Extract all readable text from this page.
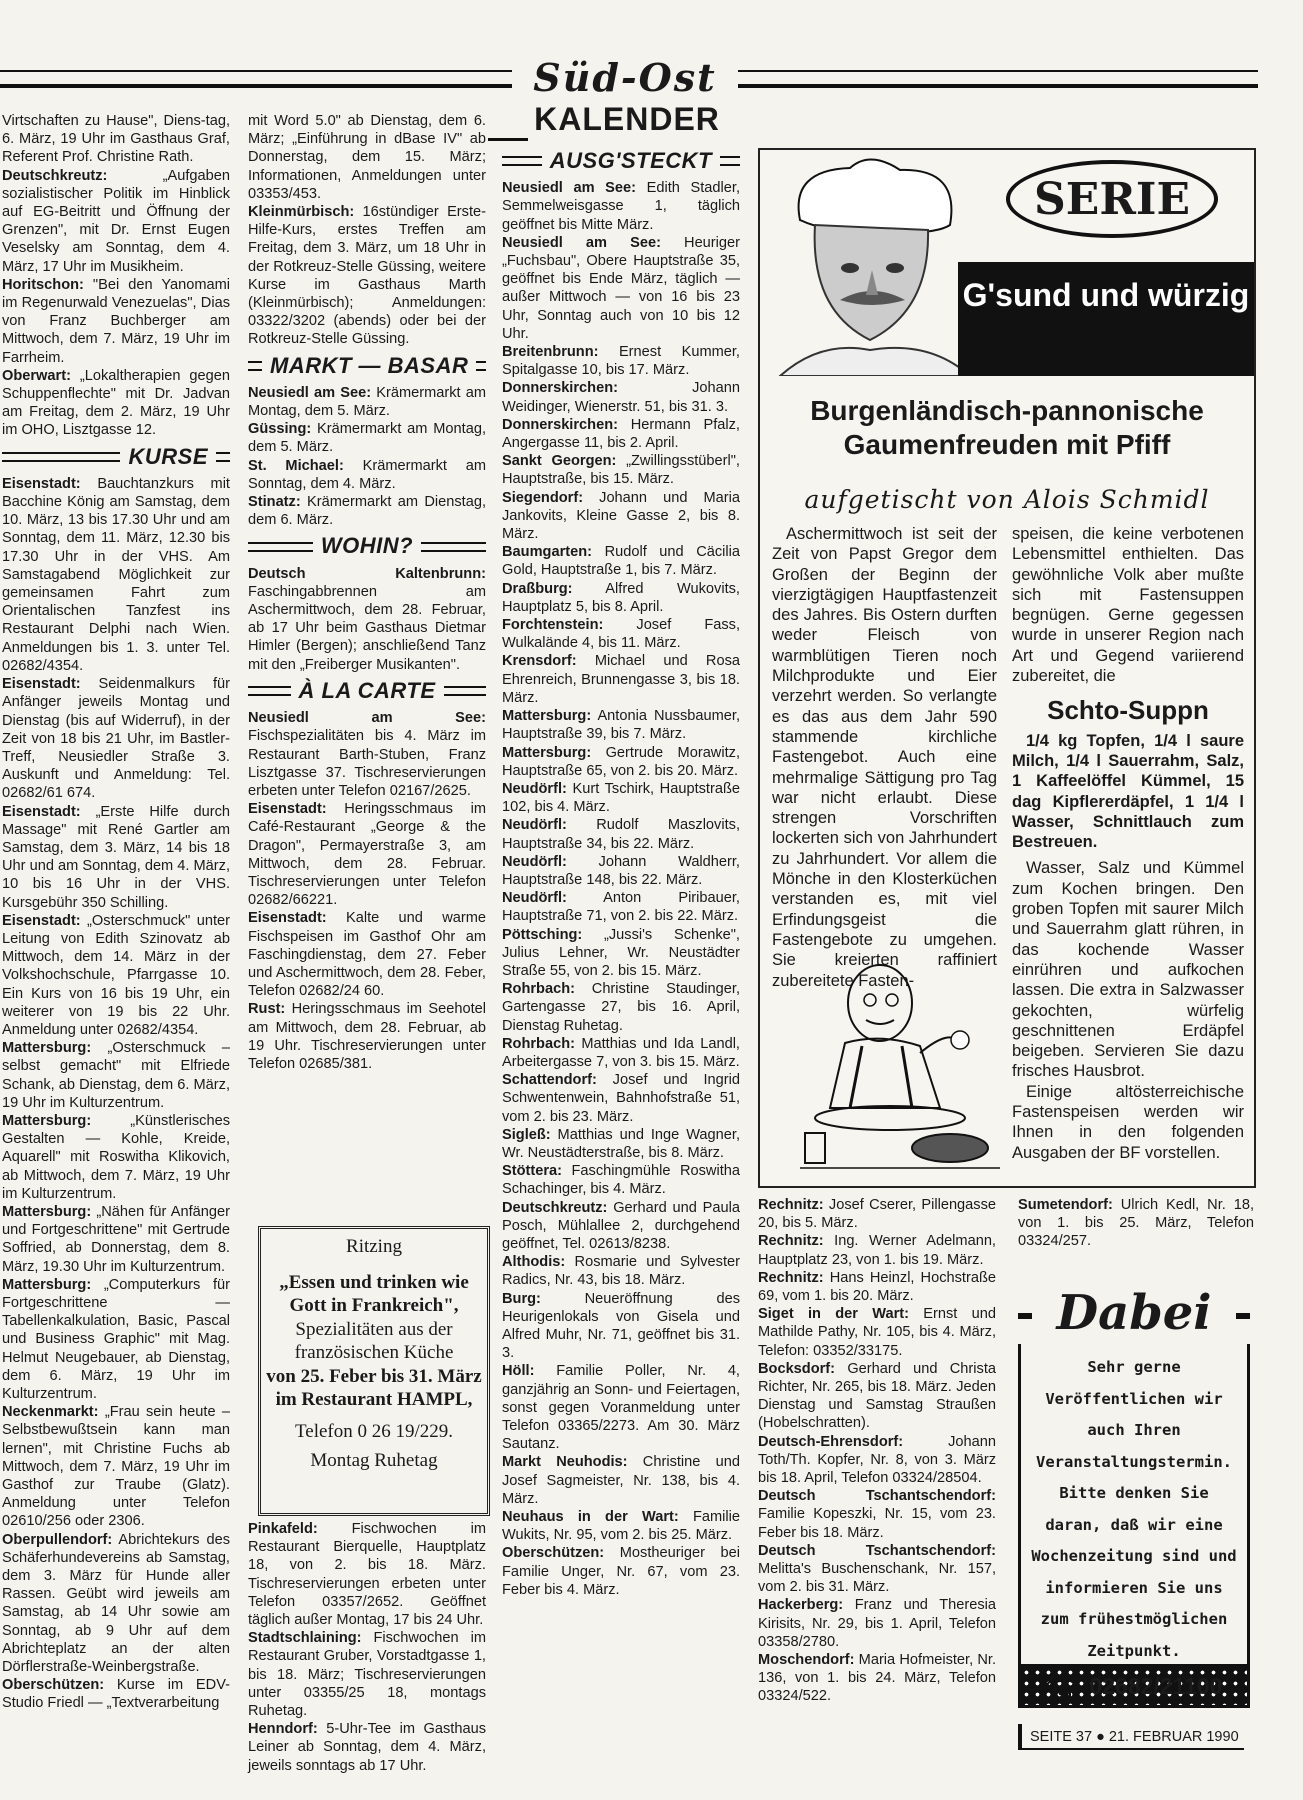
Süd-Ost
KALENDER

Virtschaften zu Hause", Diens-tag, 6. März, 19 Uhr im Gasthaus Graf, Referent Prof. Christine Rath.

Deutschkreutz: „Aufgaben sozialistischer Politik im Hinblick auf EG-Beitritt und Öffnung der Grenzen", mit Dr. Ernst Eugen Veselsky am Sonntag, dem 4. März, 17 Uhr im Musikheim.

Horitschon: "Bei den Yanomami im Regenurwald Venezuelas", Dias von Franz Buchberger am Mittwoch, dem 7. März, 19 Uhr im Farrheim.

Oberwart: „Lokaltherapien gegen Schuppenflechte" mit Dr. Jadvan am Freitag, dem 2. März, 19 Uhr im OHO, Lisztgasse 12.

KURSE

Eisenstadt: Bauchtanzkurs mit Bacchine König am Samstag, dem 10. März, 13 bis 17.30 Uhr und am Sonntag, dem 11. März, 12.30 bis 17.30 Uhr in der VHS. Am Samstagabend Möglichkeit zur gemeinsamen Fahrt zum Orientalischen Tanzfest ins Restaurant Delphi nach Wien. Anmeldungen bis 1. 3. unter Tel. 02682/4354.

Eisenstadt: Seidenmalkurs für Anfänger jeweils Montag und Dienstag (bis auf Widerruf), in der Zeit von 18 bis 21 Uhr, im Bastler-Treff, Neusiedler Straße 3. Auskunft und Anmeldung: Tel. 02682/61 674.

Eisenstadt: „Erste Hilfe durch Massage" mit René Gartler am Samstag, dem 3. März, 14 bis 18 Uhr und am Sonntag, dem 4. März, 10 bis 16 Uhr in der VHS. Kursgebühr 350 Schilling.

Eisenstadt: „Osterschmuck" unter Leitung von Edith Szinovatz ab Mittwoch, dem 14. März in der Volkshochschule, Pfarrgasse 10. Ein Kurs von 16 bis 19 Uhr, ein weiterer von 19 bis 22 Uhr. Anmeldung unter 02682/4354.

Mattersburg: „Osterschmuck – selbst gemacht" mit Elfriede Schank, ab Dienstag, dem 6. März, 19 Uhr im Kulturzentrum.

Mattersburg: „Künstlerisches Gestalten — Kohle, Kreide, Aquarell" mit Roswitha Klikovich, ab Mittwoch, dem 7. März, 19 Uhr im Kulturzentrum.

Mattersburg: „Nähen für Anfänger und Fortgeschrittene" mit Gertrude Soffried, ab Donnerstag, dem 8. März, 19.30 Uhr im Kulturzentrum.

Mattersburg: „Computerkurs für Fortgeschrittene — Tabellenkalkulation, Basic, Pascal und Business Graphic" mit Mag. Helmut Neugebauer, ab Dienstag, dem 6. März, 19 Uhr im Kulturzentrum.

Neckenmarkt: „Frau sein heute – Selbstbewußtsein kann man lernen", mit Christine Fuchs ab Mittwoch, dem 7. März, 19 Uhr im Gasthof zur Traube (Glatz). Anmeldung unter Telefon 02610/256 oder 2306.

Oberpullendorf: Abrichtekurs des Schäferhundevereins ab Samstag, dem 3. März für Hunde aller Rassen. Geübt wird jeweils am Samstag, ab 14 Uhr sowie am Sonntag, ab 9 Uhr auf dem Abrichteplatz an der alten Dörflerstraße-Weinbergstraße.

Oberschützen: Kurse im EDV-Studio Friedl — „Textverarbeitung

mit Word 5.0" ab Dienstag, dem 6. März; „Einführung in dBase IV" ab Donnerstag, dem 15. März; Informationen, Anmeldungen unter 03353/453.

Kleinmürbisch: 16stündiger Erste-Hilfe-Kurs, erstes Treffen am Freitag, dem 3. März, um 18 Uhr in der Rotkreuz-Stelle Güssing, weitere Kurse im Gasthaus Marth (Kleinmürbisch); Anmeldungen: 03322/3202 (abends) oder bei der Rotkreuz-Stelle Güssing.

MARKT — BASAR

Neusiedl am See: Krämermarkt am Montag, dem 5. März.

Güssing: Krämermarkt am Montag, dem 5. März.

St. Michael: Krämermarkt am Sonntag, dem 4. März.

Stinatz: Krämermarkt am Dienstag, dem 6. März.

WOHIN?

Deutsch Kaltenbrunn: Faschingabbrennen am Aschermittwoch, dem 28. Februar, ab 17 Uhr beim Gasthaus Dietmar Himler (Bergen); anschließend Tanz mit den „Freiberger Musikanten".

À LA CARTE

Neusiedl am See: Fischspezialitäten bis 4. März im Restaurant Barth-Stuben, Franz Lisztgasse 37. Tischreservierungen erbeten unter Telefon 02167/2625.

Eisenstadt: Heringsschmaus im Café-Restaurant „George & the Dragon", Permayerstraße 3, am Mittwoch, dem 28. Februar. Tischreservierungen unter Telefon 02682/66221.

Eisenstadt: Kalte und warme Fischspeisen im Gasthof Ohr am Faschingdienstag, dem 27. Feber und Aschermittwoch, dem 28. Feber, Telefon 02682/24 60.

Rust: Heringsschmaus im Seehotel am Mittwoch, dem 28. Februar, ab 19 Uhr. Tischreservierungen unter Telefon 02685/381.

Ritzing

„Essen und trinken wie Gott in Frankreich",

Spezialitäten aus der französischen Küche

von 25. Feber bis 31. März im Restaurant HAMPL,

Telefon 0 26 19/229.

Montag Ruhetag

Pinkafeld: Fischwochen im Restaurant Bierquelle, Hauptplatz 18, von 2. bis 18. März. Tischreservierungen erbeten unter Telefon 03357/2652. Geöffnet täglich außer Montag, 17 bis 24 Uhr.

Stadtschlaining: Fischwochen im Restaurant Gruber, Vorstadtgasse 1, bis 18. März; Tischreservierungen unter 03355/25 18, montags Ruhetag.

Henndorf: 5-Uhr-Tee im Gasthaus Leiner ab Sonntag, dem 4. März, jeweils sonntags ab 17 Uhr.

AUSG'STECKT

Neusiedl am See: Edith Stadler, Semmelweisgasse 1, täglich geöffnet bis Mitte März.

Neusiedl am See: Heuriger „Fuchsbau", Obere Hauptstraße 35, geöffnet bis Ende März, täglich — außer Mittwoch — von 16 bis 23 Uhr, Sonntag auch von 10 bis 12 Uhr.

Breitenbrunn: Ernest Kummer, Spitalgasse 10, bis 17. März.

Donnerskirchen: Johann Weidinger, Wienerstr. 51, bis 31. 3.

Donnerskirchen: Hermann Pfalz, Angergasse 11, bis 2. April.

Sankt Georgen: „Zwillingsstüberl", Hauptstraße, bis 15. März.

Siegendorf: Johann und Maria Jankovits, Kleine Gasse 2, bis 8. März.

Baumgarten: Rudolf und Cäcilia Gold, Hauptstraße 1, bis 7. März.

Draßburg: Alfred Wukovits, Hauptplatz 5, bis 8. April.

Forchtenstein: Josef Fass, Wulkalände 4, bis 11. März.

Krensdorf: Michael und Rosa Ehrenreich, Brunnengasse 3, bis 18. März.

Mattersburg: Antonia Nussbaumer, Hauptstraße 39, bis 7. März.

Mattersburg: Gertrude Morawitz, Hauptstraße 65, von 2. bis 20. März.

Neudörfl: Kurt Tschirk, Hauptstraße 102, bis 4. März.

Neudörfl: Rudolf Maszlovits, Hauptstraße 34, bis 22. März.

Neudörfl: Johann Waldherr, Hauptstraße 148, bis 22. März.

Neudörfl: Anton Piribauer, Hauptstraße 71, von 2. bis 22. März.

Pöttsching: „Jussi's Schenke", Julius Lehner, Wr. Neustädter Straße 55, von 2. bis 15. März.

Rohrbach: Christine Staudinger, Gartengasse 27, bis 16. April, Dienstag Ruhetag.

Rohrbach: Matthias und Ida Landl, Arbeitergasse 7, von 3. bis 15. März.

Schattendorf: Josef und Ingrid Schwentenwein, Bahnhofstraße 51, vom 2. bis 23. März.

Sigleß: Matthias und Inge Wagner, Wr. Neustädterstraße, bis 8. März.

Stöttera: Faschingmühle Roswitha Schachinger, bis 4. März.

Deutschkreutz: Gerhard und Paula Posch, Mühlallee 2, durchgehend geöffnet, Tel. 02613/8238.

Althodis: Rosmarie und Sylvester Radics, Nr. 43, bis 18. März.

Burg: Neueröffnung des Heurigenlokals von Gisela und Alfred Muhr, Nr. 71, geöffnet bis 31. 3.

Höll: Familie Poller, Nr. 4, ganzjährig an Sonn- und Feiertagen, sonst gegen Voranmeldung unter Telefon 03365/2273. Am 30. März Sautanz.

Markt Neuhodis: Christine und Josef Sagmeister, Nr. 138, bis 4. März.

Neuhaus in der Wart: Familie Wukits, Nr. 95, vom 2. bis 25. März.

Oberschützen: Mostheuriger bei Familie Unger, Nr. 67, vom 23. Feber bis 4. März.

SERIE
G'sund und würzig
Burgenländisch-pannonische Gaumenfreuden mit Pfiff
aufgetischt von Alois Schmidl

Aschermittwoch ist seit der Zeit von Papst Gregor dem Großen der Beginn der vierzigtägigen Hauptfastenzeit des Jahres. Bis Ostern durften weder Fleisch von warmblütigen Tieren noch Milchprodukte und Eier verzehrt werden. So verlangte es das aus dem Jahr 590 stammende kirchliche Fastengebot. Auch eine mehrmalige Sättigung pro Tag war nicht erlaubt. Diese strengen Vorschriften lockerten sich von Jahrhundert zu Jahrhundert. Vor allem die Mönche in den Klosterküchen verstanden es, mit viel Erfindungsgeist die Fastengebote zu umgehen. Sie kreierten raffiniert zubereitete Fasten-

speisen, die keine verbotenen Lebensmittel enthielten. Das gewöhnliche Volk aber mußte sich mit Fastensuppen begnügen. Gerne gegessen wurde in unserer Region nach Art und Gegend variierend zubereitet, die

Schto-Suppn

1/4 kg Topfen, 1/4 l saure Milch, 1/4 l Sauerrahm, Salz, 1 Kaffeelöffel Kümmel, 15 dag Kipflererdäpfel, 1 1/4 l Wasser, Schnittlauch zum Bestreuen.

Wasser, Salz und Kümmel zum Kochen bringen. Den groben Topfen mit saurer Milch und Sauerrahm glatt rühren, in das kochende Wasser einrühren und aufkochen lassen. Die extra in Salzwasser gekochten, würfelig geschnittenen Erdäpfel beigeben. Servieren Sie dazu frisches Hausbrot.

Einige altösterreichische Fastenspeisen werden wir Ihnen in den folgenden Ausgaben der BF vorstellen.

Rechnitz: Josef Cserer, Pillengasse 20, bis 5. März.

Rechnitz: Ing. Werner Adelmann, Hauptplatz 23, von 1. bis 19. März.

Rechnitz: Hans Heinzl, Hochstraße 69, vom 1. bis 20. März.

Siget in der Wart: Ernst und Mathilde Pathy, Nr. 105, bis 4. März, Telefon: 03352/33175.

Bocksdorf: Gerhard und Christa Richter, Nr. 265, bis 18. März. Jeden Dienstag und Samstag Straußen (Hobelschratten).

Deutsch-Ehrensdorf: Johann Toth/Th. Kopfer, Nr. 8, von 3. März bis 18. April, Telefon 03324/28504.

Deutsch Tschantschendorf: Familie Kopeszki, Nr. 15, vom 23. Feber bis 18. März.

Deutsch Tschantschendorf: Melitta's Buschenschank, Nr. 157, vom 2. bis 31. März.

Hackerberg: Franz und Theresia Kirisits, Nr. 29, bis 1. April, Telefon 03358/2780.

Moschendorf: Maria Hofmeister, Nr. 136, von 1. bis 24. März, Telefon 03324/522.

Sumetendorf: Ulrich Kedl, Nr. 18, von 1. bis 25. März, Telefon 03324/257.

Dabei
Sehr gerne Veröffentlichen wir auch Ihren Veranstaltungstermin. Bitte denken Sie daran, daß wir eine Wochenzeitung sind und informieren Sie uns zum frühestmöglichen Zeitpunkt.
02682/21100
SEITE 37 ● 21. FEBRUAR 1990
